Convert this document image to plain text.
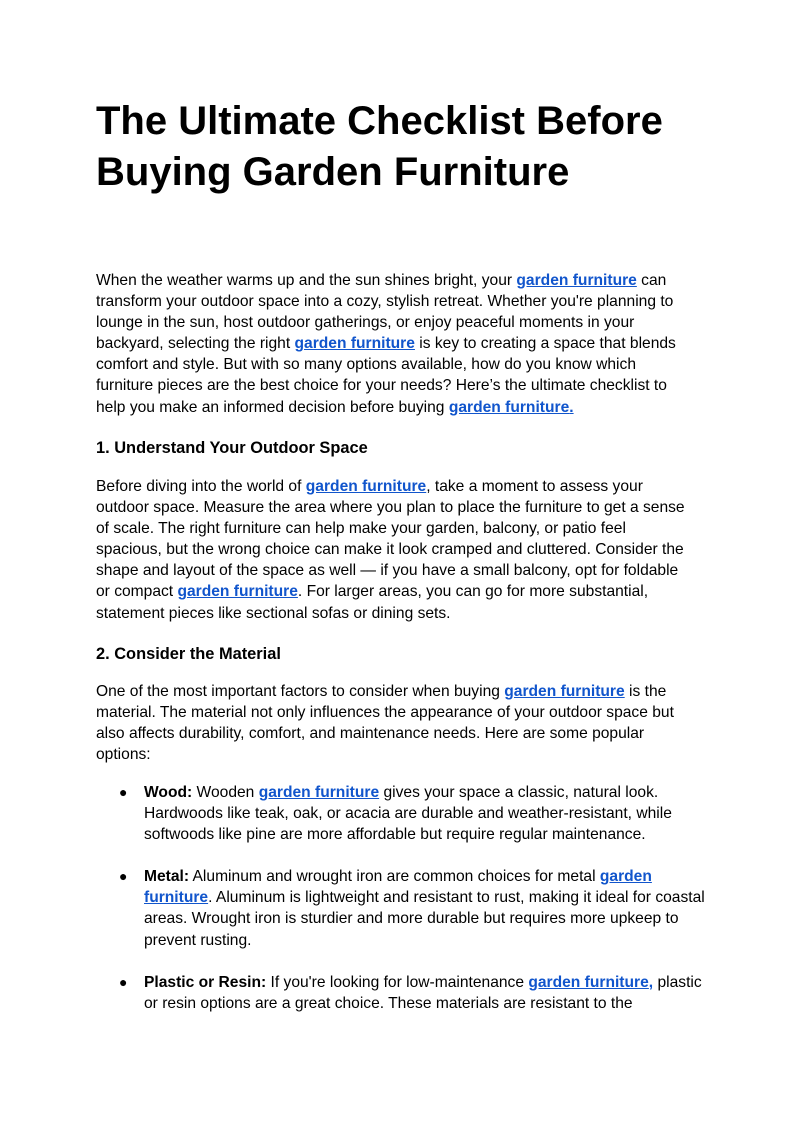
The Ultimate Checklist Before Buying Garden Furniture

When the weather warms up and the sun shines bright, your garden furniture can transform your outdoor space into a cozy, stylish retreat. Whether you're planning to lounge in the sun, host outdoor gatherings, or enjoy peaceful moments in your backyard, selecting the right garden furniture is key to creating a space that blends comfort and style. But with so many options available, how do you know which furniture pieces are the best choice for your needs? Here’s the ultimate checklist to help you make an informed decision before buying garden furniture.

1. Understand Your Outdoor Space

Before diving into the world of garden furniture, take a moment to assess your outdoor space. Measure the area where you plan to place the furniture to get a sense of scale. The right furniture can help make your garden, balcony, or patio feel spacious, but the wrong choice can make it look cramped and cluttered. Consider the shape and layout of the space as well — if you have a small balcony, opt for foldable or compact garden furniture. For larger areas, you can go for more substantial, statement pieces like sectional sofas or dining sets.

2. Consider the Material

One of the most important factors to consider when buying garden furniture is the material. The material not only influences the appearance of your outdoor space but also affects durability, comfort, and maintenance needs. Here are some popular options:

● Wood: Wooden garden furniture gives your space a classic, natural look. Hardwoods like teak, oak, or acacia are durable and weather-resistant, while softwoods like pine are more affordable but require regular maintenance.
● Metal: Aluminum and wrought iron are common choices for metal garden furniture. Aluminum is lightweight and resistant to rust, making it ideal for coastal areas. Wrought iron is sturdier and more durable but requires more upkeep to prevent rusting.
● Plastic or Resin: If you're looking for low-maintenance garden furniture, plastic or resin options are a great choice. These materials are resistant to the
